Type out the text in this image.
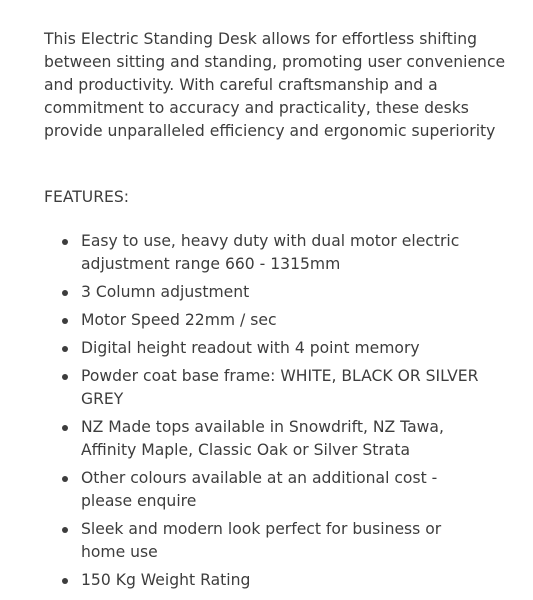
This Electric Standing Desk allows for effortless shifting between sitting and standing, promoting user convenience and productivity. With careful craftsmanship and a commitment to accuracy and practicality, these desks provide unparalleled efficiency and ergonomic superiority

FEATURES:
Easy to use, heavy duty with dual motor electric adjustment range 660 - 1315mm
3 Column adjustment
Motor Speed 22mm / sec
Digital height readout with 4 point memory
Powder coat base frame: WHITE, BLACK OR SILVER GREY
NZ Made tops available in Snowdrift, NZ Tawa, Affinity Maple, Classic Oak or Silver Strata
Other colours available at an additional cost - please enquire
Sleek and modern look perfect for business or home use
150 Kg Weight Rating
